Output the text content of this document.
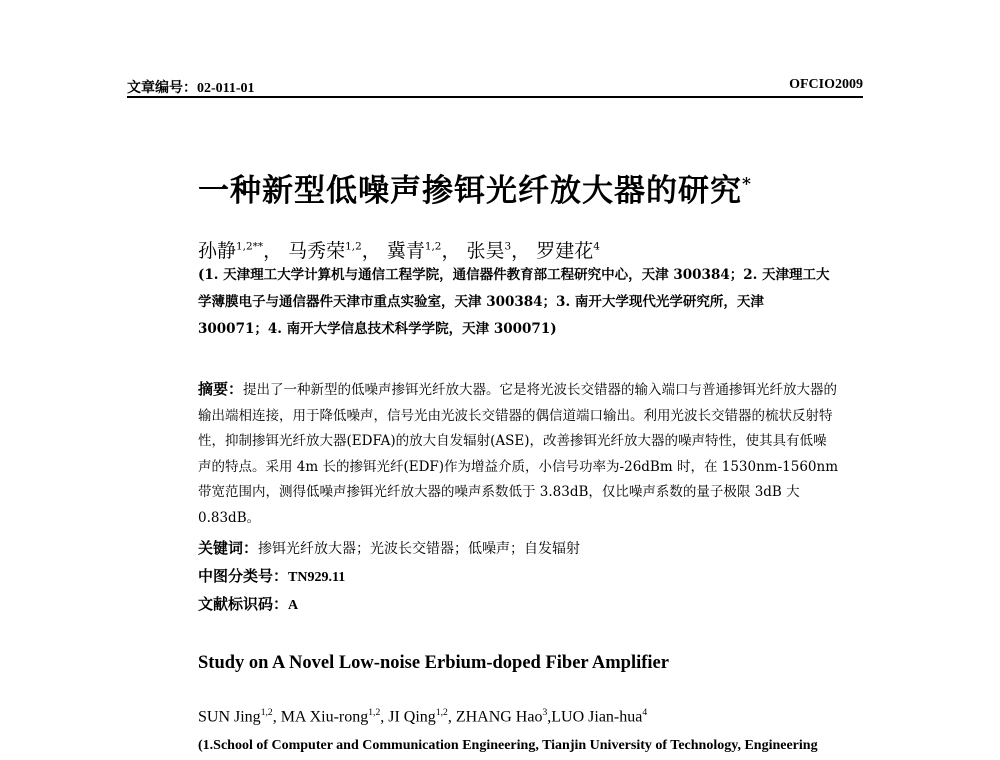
文章编号：02-011-01	OFCIO2009
一种新型低噪声掺铒光纤放大器的研究*
孙静$^{1,2**}$， 马秀荣$^{1,2}$， 冀青$^{1,2}$， 张昊$^3$， 罗建花$^4$
(1. 天津理工大学计算机与通信工程学院，通信器件教育部工程研究中心，天津 300384；2. 天津理工大学薄膜电子与通信器件天津市重点实验室，天津 300384；3. 南开大学现代光学研究所，天津 300071；4. 南开大学信息技术科学学院，天津 300071)
摘要：提出了一种新型的低噪声掺铒光纤放大器。它是将光波长交错器的输入端口与普通掺铒光纤放大器的输出端相连接，用于降低噪声，信号光由光波长交错器的偶信道端口输出。利用光波长交错器的梳状反射特性，抑制掺铒光纤放大器(EDFA)的放大自发辐射(ASE)，改善掺铒光纤放大器的噪声特性，使其具有低噪声的特点。采用 4m 长的掺铒光纤(EDF)作为增益介质，小信号功率为-26dBm 时，在 1530nm-1560nm 带宽范围内，测得低噪声掺铒光纤放大器的噪声系数低于 3.83dB，仅比噪声系数的量子极限 3dB 大 0.83dB。
关键词：掺铒光纤放大器；光波长交错器；低噪声；自发辐射
中图分类号：TN929.11
文献标识码：A
Study on A Novel Low-noise Erbium-doped Fiber Amplifier
SUN Jing$^{1,2}$, MA Xiu-rong$^{1,2}$, JI Qing$^{1,2}$, ZHANG Hao$^3$,LUO Jian-hua$^4$
(1.School of Computer and Communication Engineering, Tianjin University of Technology, Engineering
